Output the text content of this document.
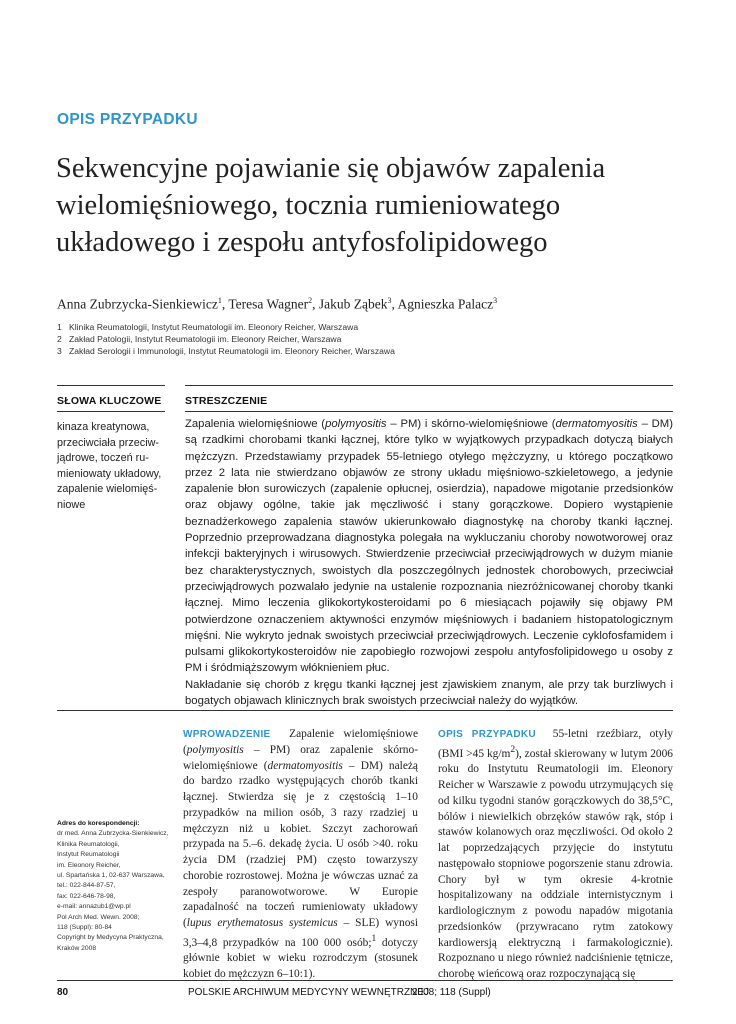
OPIS PRZYPADKU
Sekwencyjne pojawianie się objawów zapalenia wielomięśniowego, tocznia rumieniowatego układowego i zespołu antyfosfolipidowego
Anna Zubrzycka-Sienkiewicz$^1$, Teresa Wagner$^2$, Jakub Ząbek$^3$, Agnieszka Palacz$^3$
1 Klinika Reumatologii, Instytut Reumatologii im. Eleonory Reicher, Warszawa
2 Zakład Patologii, Instytut Reumatologii im. Eleonory Reicher, Warszawa
3 Zakład Serologii i Immunologii, Instytut Reumatologii im. Eleonory Reicher, Warszawa
SŁOWA KLUCZOWE STRESZCZENIE
kinaza kreatynowa,
przeciwciała przeciw-
jądrowe, toczeń ru-
mieniowaty układowy,
zapalenie wielomięś-
niowe

Zapalenia wielomięśniowe (polymyositis – PM) i skórno-wielomięśniowe (dermatomyositis – DM) są rzadkimi chorobami tkanki łącznej, które tylko w wyjątkowych przypadkach dotyczą białych mężczyzn. Przedstawiamy przypadek 55-letniego otyłego mężczyzny, u którego początkowo przez 2 lata nie stwierdzano objawów ze strony układu mięśniowo-szkieletowego, a jedynie zapalenie błon surowiczych (zapalenie opłucnej, osierdzia), napadowe migotanie przedsionków oraz objawy ogólne, takie jak męczliwość i stany gorączkowe. Dopiero wystąpienie beznadżerkowego zapalenia stawów ukierunkowało diagnostykę na choroby tkanki łącznej. Poprzednio przeprowadzana diagnostyka polegała na wykluczaniu choroby nowotworowej oraz infekcji bakteryjnych i wirusowych. Stwierdzenie przeciwciał przeciwjądrowych w dużym mianie bez charakterystycznych, swoistych dla poszczególnych jednostek chorobowych, przeciwciał przeciwjądrowych pozwalało jedynie na ustalenie rozpoznania niezróżnicowanej choroby tkanki łącznej. Mimo leczenia glikokortykosteroidami po 6 miesiącach pojawiły się objawy PM potwierdzone oznaczeniem aktywności enzymów mięśniowych i badaniem histopatologicznym mięśni. Nie wykryto jednak swoistych przeciwciał przeciwjądrowych. Leczenie cyklofosfamidem i pulsami glikokortykosteroidów nie zapobiegło rozwojowi zespołu antyfosfolipidowego u osoby z PM i śródmiąższowym włóknieniem płuc.

Nakładanie się chorób z kręgu tkanki łącznej jest zjawiskiem znanym, ale przy tak burzliwych i bogatych objawach klinicznych brak swoistych przeciwciał należy do wyjątków.

Adres do korespondencji:
dr med. Anna Zubrzycka-Sienkiewicz,
Klinika Reumatologii,
Instytut Reumatologii
im. Eleonory Reicher,
ul. Spartańska 1, 02-637 Warszawa,
tel.: 022-844-87-57,
fax: 022-646-78-98,
e-mail: annazub1@wp.pl
Pol Arch Med. Wewn. 2008;
118 (Suppl): 80-84
Copyright by Medycyna Praktyczna,
Kraków 2008
WPROWADZENIE Zapalenie wielomięśniowe (polymyositis – PM) oraz zapalenie skórno-wielomięśniowe (dermatomyositis – DM) należą do bardzo rzadko występujących chorób tkanki łącznej. Stwierdza się je z częstością 1–10 przypadków na milion osób, 3 razy rzadziej u mężczyzn niż u kobiet. Szczyt zachorowań przypada na 5.–6. dekadę życia. U osób >40. roku życia DM (rzadziej PM) często towarzyszy chorobie rozrostowej. Można je wówczas uznać za zespoły paranowotworowe. W Europie zapadalność na toczeń rumieniowaty układowy (lupus erythematosus systemicus – SLE) wynosi 3,3–4,8 przypadków na 100 000 osób;$^1$ dotyczy głównie kobiet w wieku rozrodczym (stosunek kobiet do mężczyzn 6–10:1).
OPIS PRZYPADKU 55-letni rzeźbiarz, otyły (BMI >45 $kg/m^2$), został skierowany w lutym 2006 roku do Instytutu Reumatologii im. Eleonory Reicher w Warszawie z powodu utrzymujących się od kilku tygodni stanów gorączkowych do 38,5°C, bólów i niewielkich obrzęków stawów rąk, stóp i stawów kolanowych oraz męczliwości. Od około 2 lat poprzedzających przyjęcie do instytutu następowało stopniowe pogorszenie stanu zdrowia. Chory był w tym okresie 4-krotnie hospitalizowany na oddziale internistycznym i kardiologicznym z powodu napadów migotania przedsionków (przywracano rytm zatokowy kardiowersją elektryczną i farmakologicznie). Rozpoznano u niego również nadciśnienie tętnicze, chorobę wieńcową oraz rozpoczynającą się
80	POLSKIE ARCHIWUM MEDYCYNY WEWNĘTRZNEJ
2008; 118 (Suppl)
